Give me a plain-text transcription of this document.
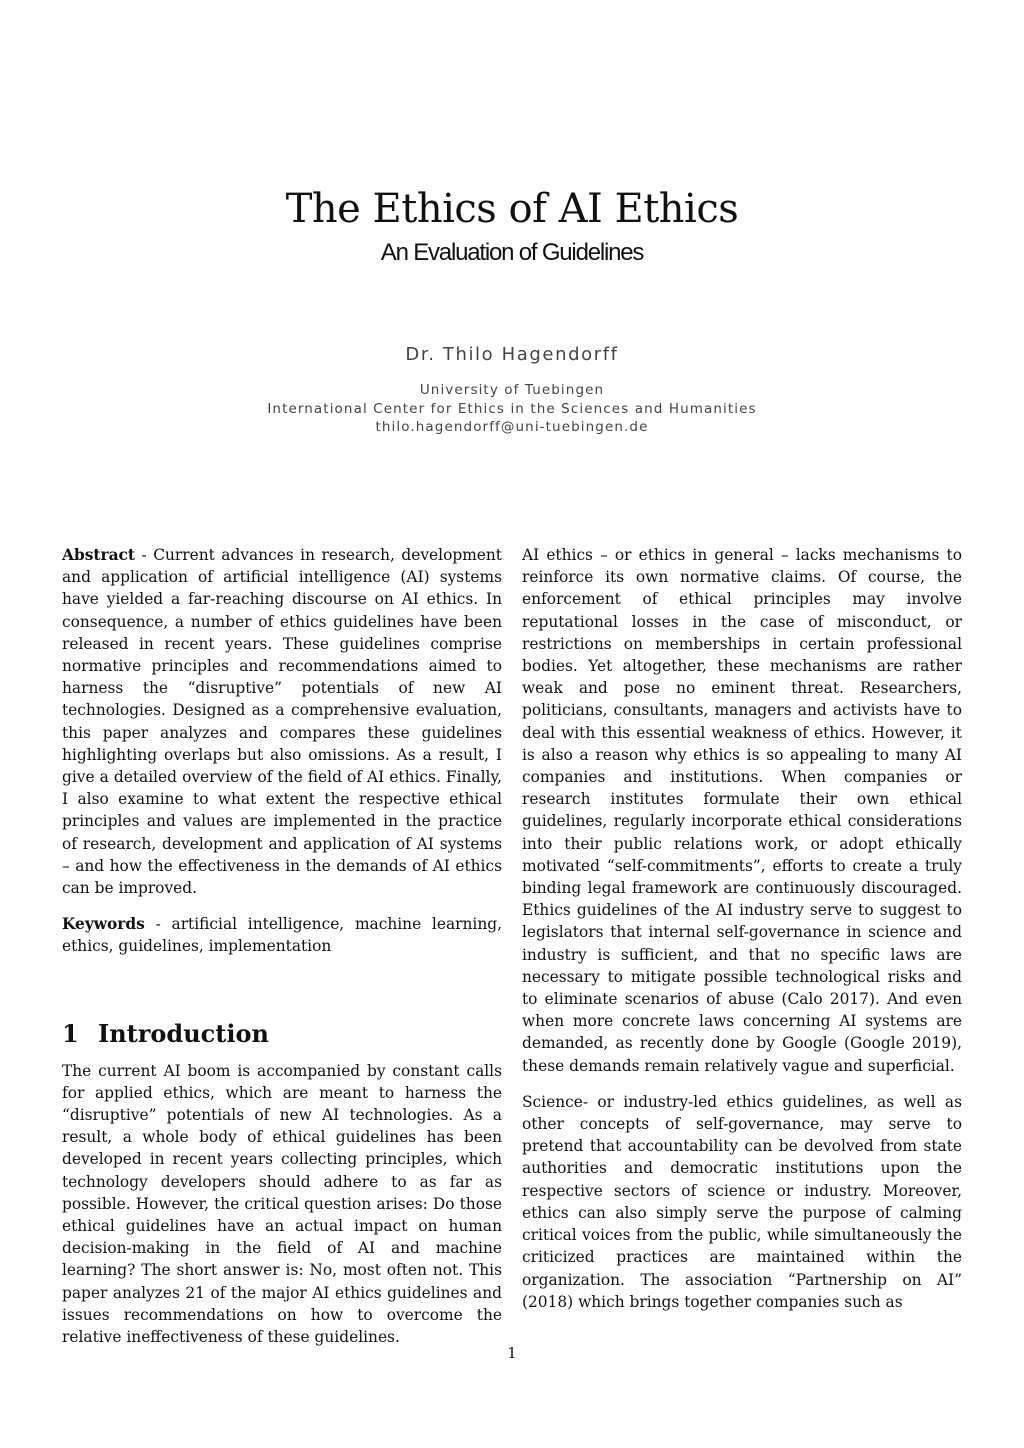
The Ethics of AI Ethics
An Evaluation of Guidelines
Dr. Thilo Hagendorff
University of Tuebingen
International Center for Ethics in the Sciences and Humanities
thilo.hagendorff@uni-tuebingen.de

Abstract - Current advances in research, development and application of artificial intelligence (AI) systems have yielded a far-reaching discourse on AI ethics. In consequence, a number of ethics guidelines have been released in recent years. These guidelines comprise normative principles and recommendations aimed to harness the “disruptive” potentials of new AI technologies. Designed as a comprehensive evaluation, this paper analyzes and compares these guidelines highlighting overlaps but also omissions. As a result, I give a detailed overview of the field of AI ethics. Finally, I also examine to what extent the respective ethical principles and values are implemented in the practice of research, development and application of AI systems – and how the effectiveness in the demands of AI ethics can be improved.

Keywords - artificial intelligence, machine learning, ethics, guidelines, implementation

1 Introduction

The current AI boom is accompanied by constant calls for applied ethics, which are meant to harness the “disruptive” potentials of new AI technologies. As a result, a whole body of ethical guidelines has been developed in recent years collecting principles, which technology developers should adhere to as far as possible. However, the critical question arises: Do those ethical guidelines have an actual impact on human decision-making in the field of AI and machine learning? The short answer is: No, most often not. This paper analyzes 21 of the major AI ethics guidelines and issues recommendations on how to overcome the relative ineffectiveness of these guidelines.

AI ethics – or ethics in general – lacks mechanisms to reinforce its own normative claims. Of course, the enforcement of ethical principles may involve reputational losses in the case of misconduct, or restrictions on memberships in certain professional bodies. Yet altogether, these mechanisms are rather weak and pose no eminent threat. Researchers, politicians, consultants, managers and activists have to deal with this essential weakness of ethics. However, it is also a reason why ethics is so appealing to many AI companies and institutions. When companies or research institutes formulate their own ethical guidelines, regularly incorporate ethical considerations into their public relations work, or adopt ethically motivated “self-commitments”, efforts to create a truly binding legal framework are continuously discouraged. Ethics guidelines of the AI industry serve to suggest to legislators that internal self-governance in science and industry is sufficient, and that no specific laws are necessary to mitigate possible technological risks and to eliminate scenarios of abuse (Calo 2017). And even when more concrete laws concerning AI systems are demanded, as recently done by Google (Google 2019), these demands remain relatively vague and superficial.

Science- or industry-led ethics guidelines, as well as other concepts of self-governance, may serve to pretend that accountability can be devolved from state authorities and democratic institutions upon the respective sectors of science or industry. Moreover, ethics can also simply serve the purpose of calming critical voices from the public, while simultaneously the criticized practices are maintained within the organization. The association “Partnership on AI” (2018) which brings together companies such as

1
